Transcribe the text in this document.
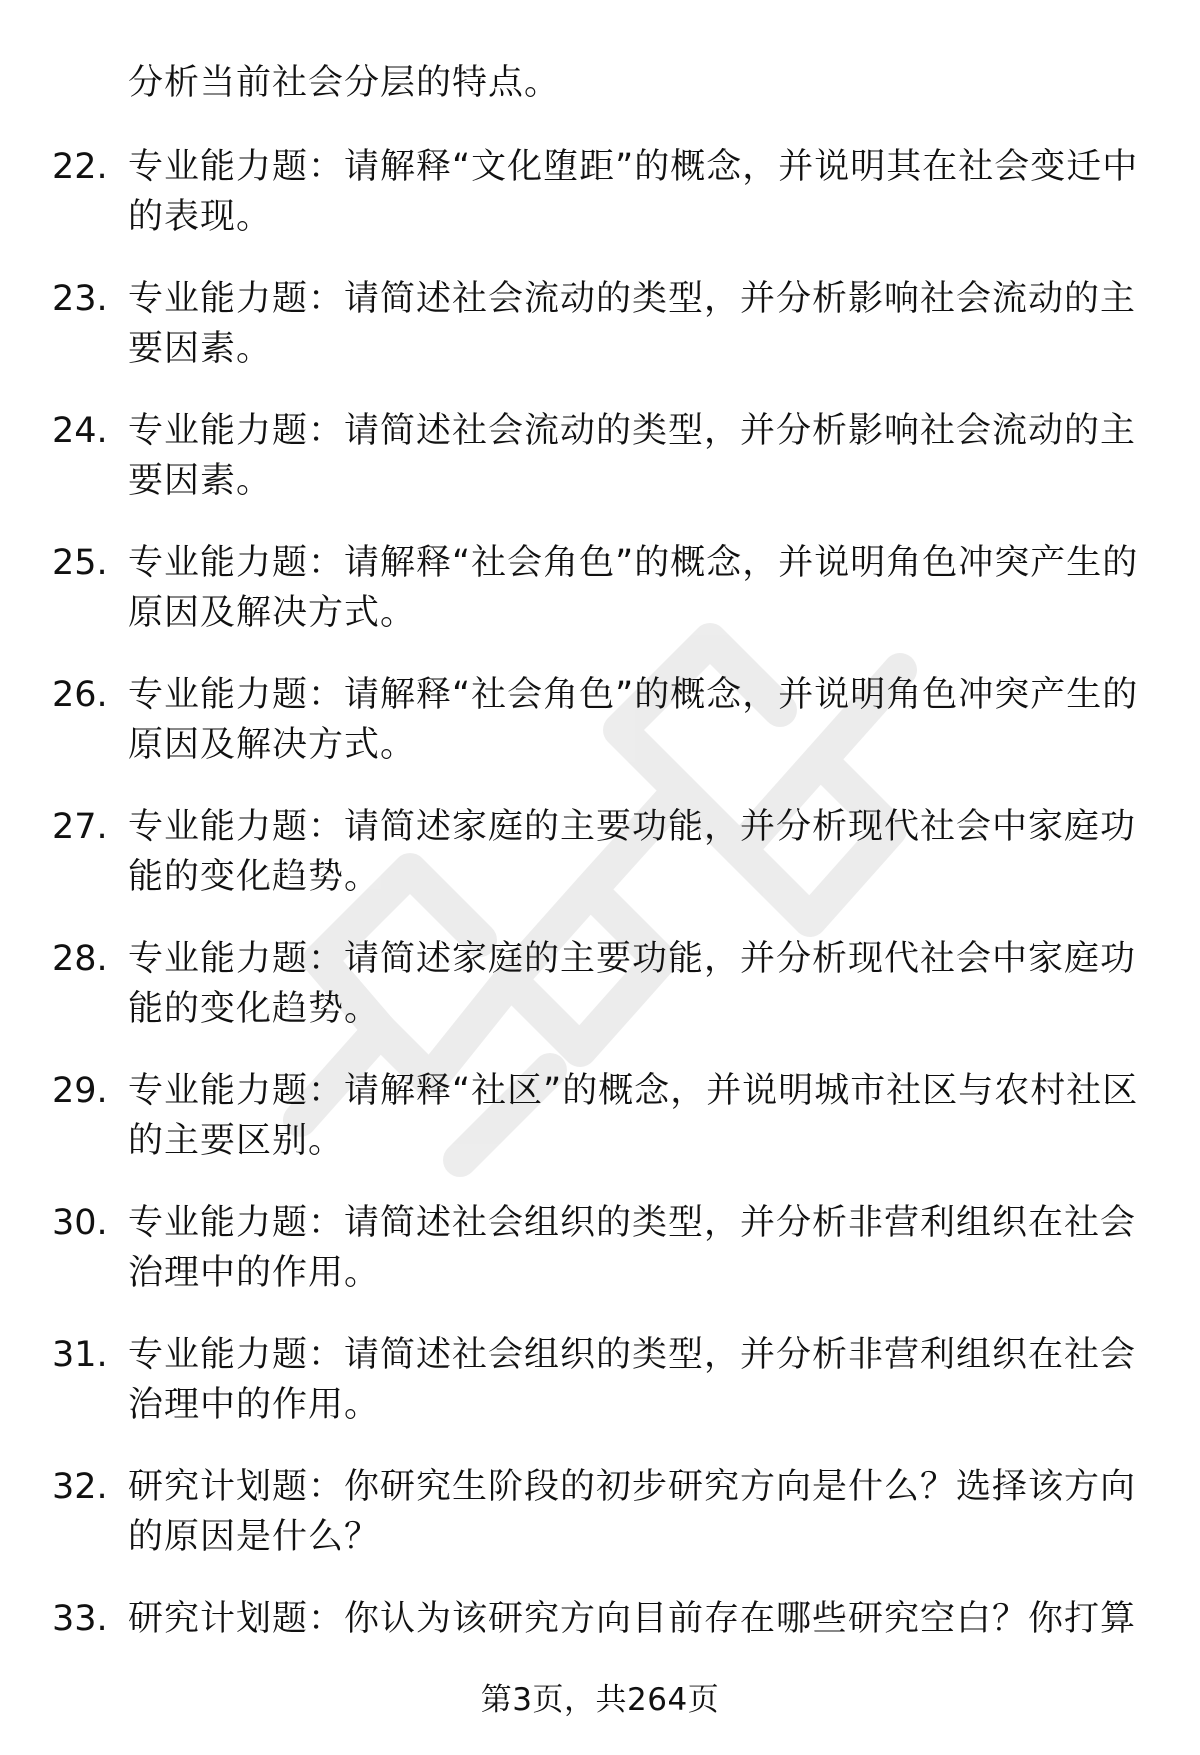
分析当前社会分层的特点。
22. 专业能力题：请解释“文化堕距”的概念，并说明其在社会变迁中的表现。
23. 专业能力题：请简述社会流动的类型，并分析影响社会流动的主要因素。
24. 专业能力题：请简述社会流动的类型，并分析影响社会流动的主要因素。
25. 专业能力题：请解释“社会角色”的概念，并说明角色冲突产生的原因及解决方式。
26. 专业能力题：请解释“社会角色”的概念，并说明角色冲突产生的原因及解决方式。
27. 专业能力题：请简述家庭的主要功能，并分析现代社会中家庭功能的变化趋势。
28. 专业能力题：请简述家庭的主要功能，并分析现代社会中家庭功能的变化趋势。
29. 专业能力题：请解释“社区”的概念，并说明城市社区与农村社区的主要区别。
30. 专业能力题：请简述社会组织的类型，并分析非营利组织在社会治理中的作用。
31. 专业能力题：请简述社会组织的类型，并分析非营利组织在社会治理中的作用。
32. 研究计划题：你研究生阶段的初步研究方向是什么？选择该方向的原因是什么？
33. 研究计划题：你认为该研究方向目前存在哪些研究空白？你打算
第3页，共264页
